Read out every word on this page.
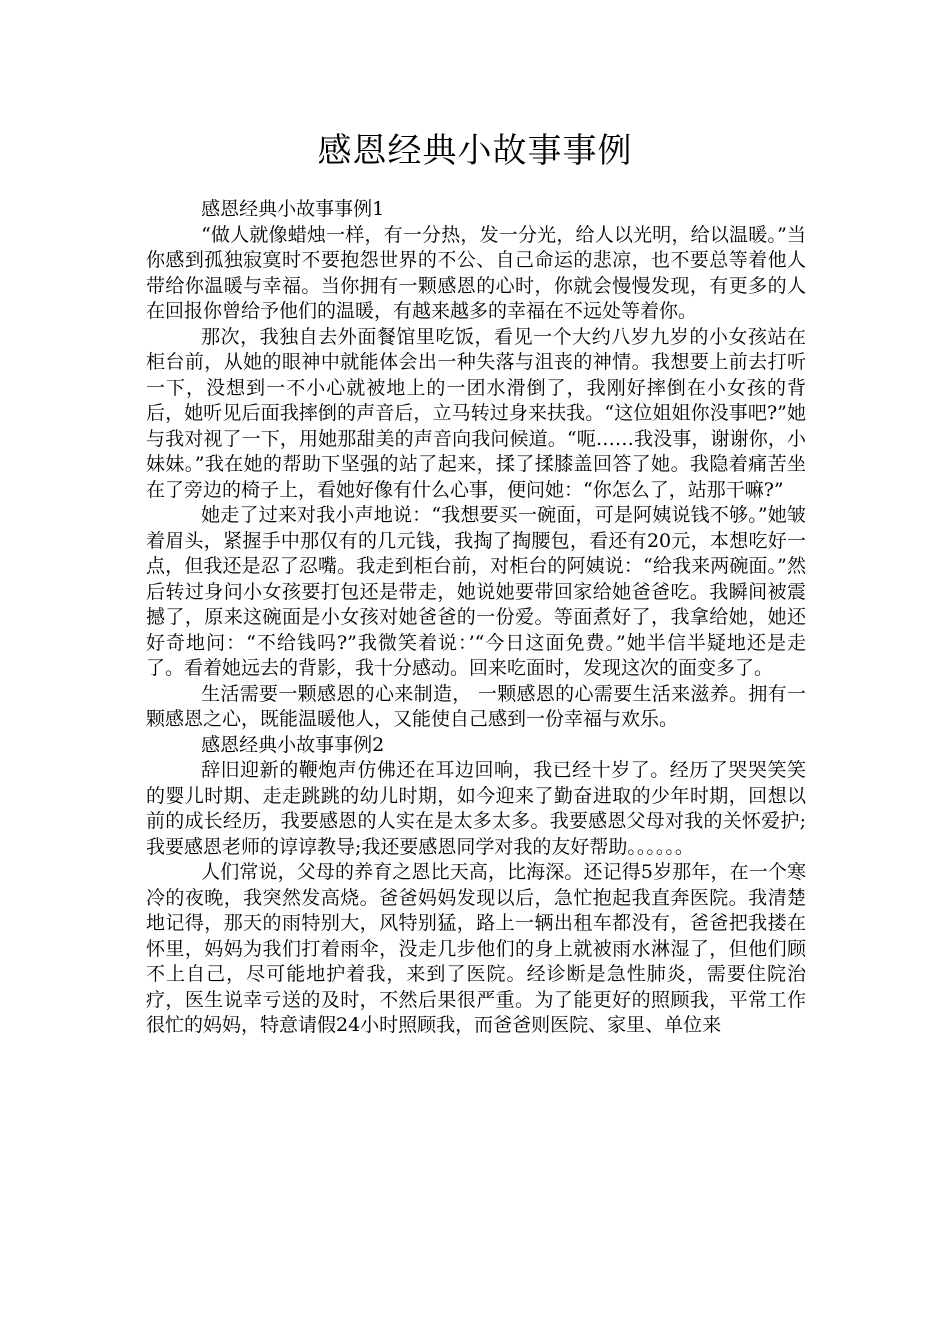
感恩经典小故事事例

感恩经典小故事事例1

“做人就像蜡烛一样，有一分热，发一分光，给人以光明，给以温暖。”当你感到孤独寂寞时不要抱怨世界的不公、自己命运的悲凉，也不要总等着他人带给你温暖与幸福。当你拥有一颗感恩的心时，你就会慢慢发现，有更多的人在回报你曾给予他们的温暖，有越来越多的幸福在不远处等着你。

那次，我独自去外面餐馆里吃饭，看见一个大约八岁九岁的小女孩站在柜台前，从她的眼神中就能体会出一种失落与沮丧的神情。我想要上前去打听一下，没想到一不小心就被地上的一团水滑倒了，我刚好摔倒在小女孩的背后，她听见后面我摔倒的声音后，立马转过身来扶我。“这位姐姐你没事吧?”她与我对视了一下，用她那甜美的声音向我问候道。“呃……我没事，谢谢你，小妹妹。”我在她的帮助下坚强的站了起来，揉了揉膝盖回答了她。我隐着痛苦坐在了旁边的椅子上，看她好像有什么心事，便问她：“你怎么了，站那干嘛?”

她走了过来对我小声地说：“我想要买一碗面，可是阿姨说钱不够。”她皱着眉头，紧握手中那仅有的几元钱，我掏了掏腰包，看还有20元，本想吃好一点，但我还是忍了忍嘴。我走到柜台前，对柜台的阿姨说：“给我来两碗面。”然后转过身问小女孩要打包还是带走，她说她要带回家给她爸爸吃。我瞬间被震撼了，原来这碗面是小女孩对她爸爸的一份爱。等面煮好了，我拿给她，她还好奇地问：“不给钱吗?”我微笑着说：’“今日这面免费。”她半信半疑地还是走了。看着她远去的背影，我十分感动。回来吃面时，发现这次的面变多了。

生活需要一颗感恩的心来制造， 一颗感恩的心需要生活来滋养。拥有一颗感恩之心，既能温暖他人，又能使自己感到一份幸福与欢乐。

感恩经典小故事事例2

辞旧迎新的鞭炮声仿佛还在耳边回响，我已经十岁了。经历了哭哭笑笑的婴儿时期、走走跳跳的幼儿时期，如今迎来了勤奋进取的少年时期，回想以前的成长经历，我要感恩的人实在是太多太多。我要感恩父母对我的关怀爱护;我要感恩老师的谆谆教导;我还要感恩同学对我的友好帮助。。。。。。

人们常说，父母的养育之恩比天高，比海深。还记得5岁那年，在一个寒冷的夜晚，我突然发高烧。爸爸妈妈发现以后，急忙抱起我直奔医院。我清楚地记得，那天的雨特别大，风特别猛，路上一辆出租车都没有，爸爸把我搂在怀里，妈妈为我们打着雨伞，没走几步他们的身上就被雨水淋湿了，但他们顾不上自己，尽可能地护着我，来到了医院。经诊断是急性肺炎，需要住院治疗，医生说幸亏送的及时，不然后果很严重。为了能更好的照顾我，平常工作很忙的妈妈，特意请假24小时照顾我，而爸爸则医院、家里、单位来
